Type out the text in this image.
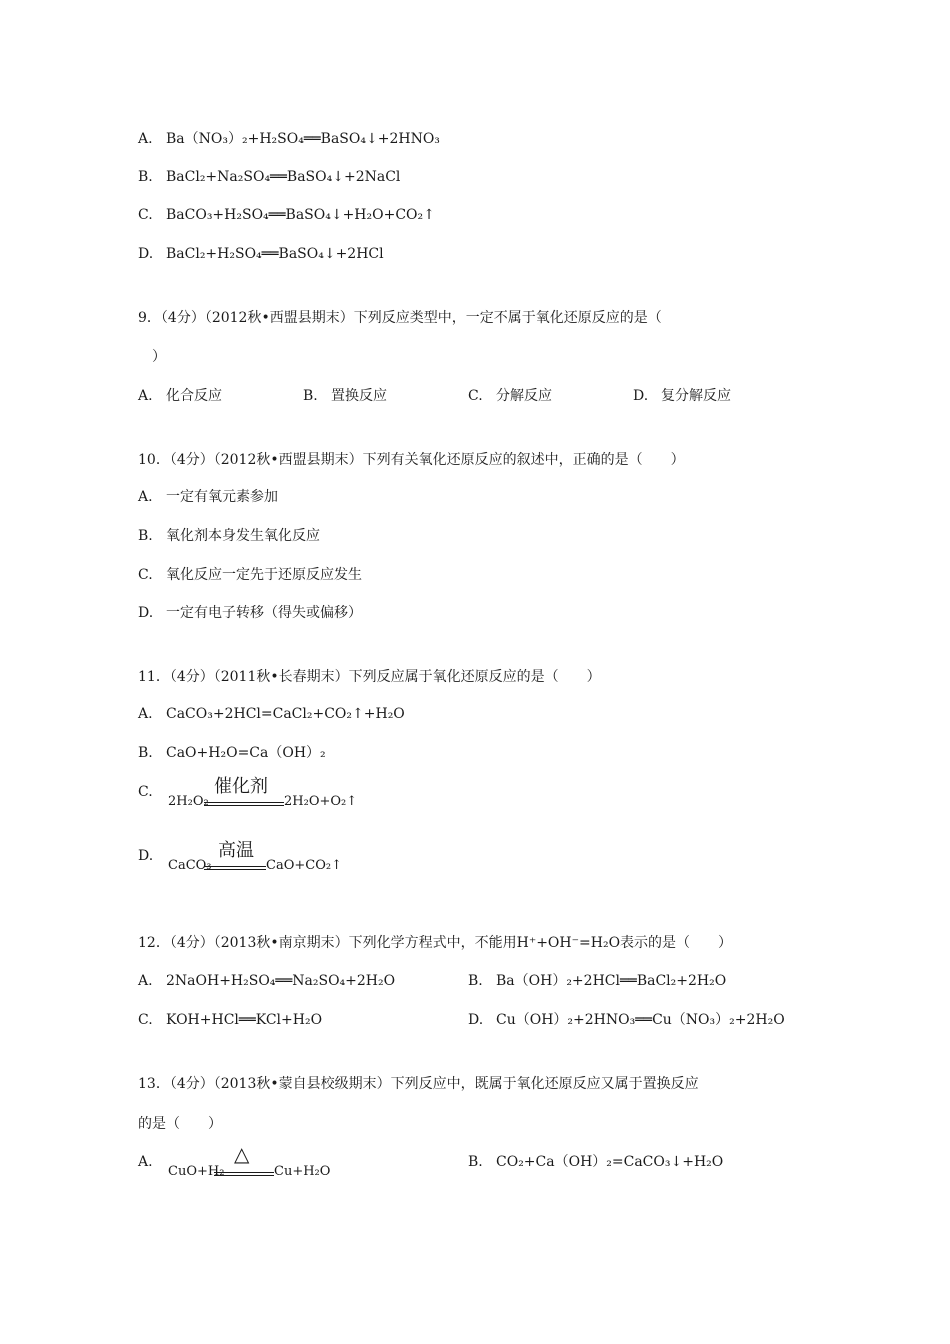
A. Ba（NO₃）₂+H₂SO₄══BaSO₄↓+2HNO₃
B. BaCl₂+Na₂SO₄══BaSO₄↓+2NaCl
C. BaCO₃+H₂SO₄══BaSO₄↓+H₂O+CO₂↑
D. BaCl₂+H₂SO₄══BaSO₄↓+2HCl
9．（4分）（2012秋•西盟县期末）下列反应类型中，一定不属于氧化还原反应的是（
）
A. 化合反应	B. 置换反应	C. 分解反应	D. 复分解反应
10．（4分）（2012秋•西盟县期末）下列有关氧化还原反应的叙述中，正确的是（　　）
A. 一定有氧元素参加
B. 氧化剂本身发生氧化反应
C. 氧化反应一定先于还原反应发生
D. 一定有电子转移（得失或偏移）
11．（4分）（2011秋•长春期末）下列反应属于氧化还原反应的是（　　）
A. CaCO₃+2HCl=CaCl₂+CO₂↑+H₂O
B. CaO+H₂O=Ca（OH）₂
C.
2H₂O₂
催化剂
2H₂O+O₂↑
D.
CaCO₃
高温
CaO+CO₂↑
12．（4分）（2013秋•南京期末）下列化学方程式中，不能用H⁺+OH⁻=H₂O表示的是（　　）
A. 2NaOH+H₂SO₄══Na₂SO₄+2H₂O	B. Ba（OH）₂+2HCl══BaCl₂+2H₂O
C. KOH+HCl══KCl+H₂O	D. Cu（OH）₂+2HNO₃══Cu（NO₃）₂+2H₂O
13．（4分）（2013秋•蒙自县校级期末）下列反应中，既属于氧化还原反应又属于置换反应
的是（　　）
A.
CuO+H₂
△
Cu+H₂O
B. CO₂+Ca（OH）₂=CaCO₃↓+H₂O
